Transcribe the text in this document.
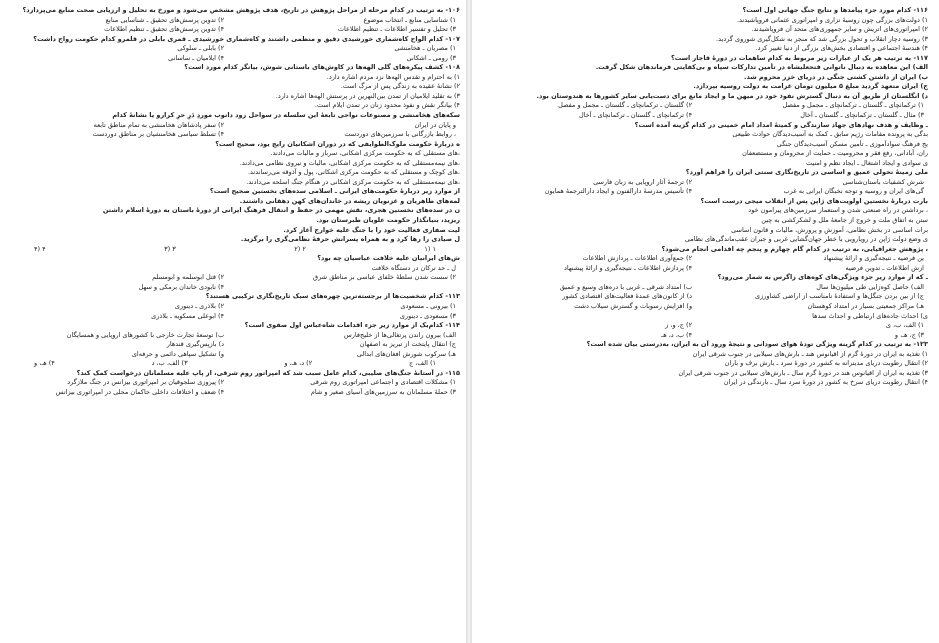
۱۰۶- به ترتیب در کدام مرحله از مراحل پژوهش در تاریخ، هدف پژوهش مشخص می‌شود و مورخ به تحلیل و ارزیابی صحت منابع می‌پردازد؟
۱) شناسایی منابع ـ انتخاب موضوع
۲) تدوین پرسش‌های تحقیق ـ شناسایی منابع
۳) تحلیل و تفسیر اطلاعات ـ تنظیم اطلاعات
۴) تدوین پرسش‌های تحقیق ـ تنظیم اطلاعات
۱۰۷- کدام الواح کاه‌شماری خورشیدی دقیق و منظمی داشتند و کاه‌شماری خورشیدی ـ قمری بابلی در قلمرو کدام حکومت رواج داشت؟
۱) مصریان ـ هخامنشی
۲) بابلی ـ سلوکی
۳) رومی ـ اشکانی
۴) ایلامیان ـ ساسانی
۱۰۸- کشف پیکره‌های گلی الهه‌ها در کاوش‌های باستانی شوش، بیانگر کدام مورد است؟
۱) به احترام و تقدس الهه‌ها نزد مردم اشاره دارد.
۲) نشانهٔ عقیده به زندگی پس از مرگ است.
۳) به تقلید ایلامیان از تمدن بین‌النهرین در پرستش الهه‌ها اشاره دارد.
۴) بیانگر نقش و نفوذ محدود زنان در تمدن ایلام است.
سکه‌های هخامنشی و مصنوعات نواحی تابعهٔ این سلسله در سواحل رود دانوب موردِ دَرِ حرِ کرارو یا نشانهٔ کدام
و پایان در ایران
۲) سفر پادشاهان هخامنشی به تمام مناطق تابعه
، روابط بازرگانی با سرزمین‌های دوردست
۴) تسلط سیاسی هخامنشیان بر مناطق دوردست
ه دربارهٔ حکومت ملوک‌الطوایفی که در دوران اشکانیان رایج بود، صحیح است؟
،های مستقلی که به حکومت مرکزی اشکانی، سرباز و مالیات می‌دادند.
،های نیمه‌مستقلی که به حکومت مرکزی اشکانی، مالیات و نیروی نظامی می‌دادند.
،های کوچک و مستقلی که به حکومت مرکزی اشکانی، پول و آذوقه می‌رساندند.
،های نیمه‌مستقلی که به حکومت مرکزی اشکانی در هنگام جنگ اسلحه می‌دادند.
از موارد زیر دربارهٔ حکومت‌های ایرانی ـ اسلامی سده‌های نخستین صحیح است؟
لمه‌های طاهریان و غزنویان ریشه در خاندان‌های کهن دهقانی داشتند.
ن در سده‌های نخستین هجری، نقش مهمی در حفظ و انتقال فرهنگ ایرانی از دورهٔ باستان به دورهٔ اسلام داشتن
ریزید، بنیانگذار حکومت علویان طبرستان بود.
لیت صفاری فعالیت خود را با جنگ علیه خوارج آغاز کرد.
ل صیادی را رها کرد و به همراه پسرانش حرفهٔ نظامی‌گری را برگزید.
۱ (۱
۲ (۲
۳ (۳
۴ (۴
ش‌های ایرانیان علیه خلافت عباسیان چه بود؟
ل ـ حد ترکان در دستگاه خلافت
۲) سست شدن سلطهٔ خلفای عباسی بر مناطق شرق
۲) قتل ابوسلمه و ابومسلم
۴) نابودی خاندان برمکی و سهل
۱۱۳- کدام شخصیت‌ها از برجسته‌ترین چهره‌های سبک تاریخ‌نگاری ترکیبی هستند؟
۱) بیرونی ـ مسعودی
۲) بلاذری ـ دینوری
۳) مسعودی ـ دینوری
۴) ابوعلی مسکویه ـ بلاذری
۱۱۴- کدام‌یک از موارد زیر جزء اقدامات شاه‌عباس اول صفوی است؟
الف) بیرون راندن پرتغالی‌ها از خلیج‌فارس
ب) توسعهٔ تجارت خارجی با کشورهای اروپایی و همسایگان
ج) انتقال پایتخت از تبریز به اصفهان
د) بازپس‌گیری قندهار
هـ) سرکوب شورش افغان‌های ابدالی
و) تشکیل سپاهی دائمی و حرفه‌ای
۱) الف، ج
۲) د، هـ، و
۳) الف، ب، د
۴) هـ، و
۱۱۵- در آستانهٔ جنگ‌های صلیبی، کدام عامل سبب شد که امپراتور روم شرقی، از پاپ علیه مسلمانان درخواست کمک کند؟
۱) مشکلات اقتصادی و اجتماعی امپراتوری روم شرقی
۲) پیروزی سلجوقیان بر امپراتوری بیزانس در جنگ ملازگرد
۳) حملهٔ مسلمانان به سرزمین‌های آسیای صغیر و شام
۴) ضعف و اختلافات داخلی حاکمان محلی در امپراتوری بیزانس
۱۱۶- کدام مورد جزء پیامدها و نتایج جنگ جهانی اول است؟
۱) دولت‌های بزرگی چون روسیهٔ تزاری و امپراتوری عثمانی فروپاشیدند.
۲) امپراتوری‌های اتریش و سایر جمهوری‌های متحد آن فروپاشیدند.
۳) روسیه دچار انقلاب و تحول بزرگی شد که منجر به شکل‌گیری شوروی گردید.
۴) هندسهٔ اجتماعی و اقتصادی بخش‌های بزرگی از دنیا تغییر کرد.
۱۱۷- به ترتیب هر یک از عبارات زیر مربوط به کدام ساهمات در دورهٔ قاجار است؟
الف) این معاهده به دنبال ناتوانی فتحعلیشاه در تأمین تدارکات سپاه و بی‌کفایتی فرماندهان شکل گرفت.
ب) ایران از داشتن کشتی جنگی در دریای خزر محروم شد.
ج) ایران متعهد گردید مبلغ ۵ میلیون تومان غرامت به دولت روسیه بپردازد.
د) انگلستان از طریق آن به دنبال گسترش نفوذ خود در میهن ما و ایجاد مانع برای دست‌یابی سایر کشورها به هندوستان بود.
۱) ترکمانچای ـ گلستان ـ ترکمانچای ـ مجمل و مفصل
۲) گلستان ـ ترکمانچای ـ گلستان ـ مجمل و مفصل
۳) مثال ـ گلستان ـ ترکمانچای ـ گلستان ـ آخال
۴) ترکمانچای ـ گلستان ـ ترکمانچای ـ آخال
ـ وظایف و هدف نهادهای جهاد سازندگی و کمیتهٔ امداد امام خمینی در کدام گزینه آمده است؟
بدگی به پرونده مقامات رژیم سابق ـ کمک به آسیب‌دیدگان حوادث طبیعی
یج فرهنگ سوادآموزی ـ تأمین مسکن آسیب‌دیدگان جنگی
ران، آبادانی، رفع فقر و محرومیت ـ حمایت از محرومان و مستضعفان
ی سوادی و ایجاد اشتغال ـ ایجاد نظم و امنیت
ملی زمینهٔ تحولی عمیق و اساسی در تاریخ‌نگاری سنتی ایران را فراهم آورد؟
شرش کشفیات باستان‌شناسی
۲) ترجمهٔ آثار اروپایی به زبان فارسی
گی‌های ایران و روسیه و توجه نخبگان ایرانی به غرب
۴) تأسیس مدرسهٔ دارالفنون و ایجاد دارالترجمهٔ همایون
بارت دربارهٔ نخستین اولویت‌های ژاپن پس از انقلاب میجی درست است؟
، برداشتن در راه صنعتی شدن و استعمار سرزمین‌های پیرامون خود
ستن به اتفاق ملت و خروج از جامعهٔ ملل و لشکرکشی به چین
برات اساسی در بخش نظامی، آموزش و پرورش، مالیات و قانون اساسی
ی وضع دولت ژاپن در رویارویی با خطر جهان‌گشایی غربی و جبران عقب‌ماندگی‌های نظامی
، پژوهش جغرافیایی، به ترتیب در کدام گام چهارم و پنجم چه اقدامی انجام می‌شود؟
ین فرضیه ـ نتیجه‌گیری و ارائهٔ پیشنهاد
۲) جمع‌آوری اطلاعات ـ پردازش اطلاعات
ازش اطلاعات ـ تدوین فرضیه
۴) پردازش اطلاعات ـ نتیجه‌گیری و ارائهٔ پیشنهاد
ـ که از موارد زیر جزء ویژگی‌های کوه‌های زاگرس به شمار می‌رود؟
الف) حاصل کوه‌زایی طی میلیون‌ها سال
ب) امتداد شرقی ـ غربی با دره‌های وسیع و عمیق
ج) از بین بردن جنگل‌ها و استفادهٔ نامناسب از اراضی کشاورزی
د) از کانون‌های عمدهٔ فعالیت‌های اقتصادی کشور
هـ) مراکز جمعیتی بسیار در امتداد کوهستان
و) افزایش رسوبات و گسترش سیلاب دشت
ی) احداث جاده‌های ارتباطی و احداث سدها
۱) الف، ب، ی
۲) ج، و، ز
۳) ج، هـ، و
۴) ب، د، هـ
۱۲۳- به ترتیب در کدام گزینه ویژگی تودهٔ هوای سودانی و نتیجهٔ ورود آن به ایران، به‌درستی بیان شده است؟
۱) تغذیه به ایران در دورهٔ گرم از اقیانوس هند ـ بارش‌های سیلابی در جنوب شرقی ایران
۲) انتقال رطوبت دریای مدیترانه به کشور در دورهٔ سرد ـ بارش برف و باران
۳) تغذیه به ایران از اقیانوس هند در دورهٔ گرم سال ـ بارش‌های سیلابی در جنوب شرقی ایران
۴) انتقال رطوبت دریای سرخ به کشور در دورهٔ سرد سال ـ بارندگی در ایران
